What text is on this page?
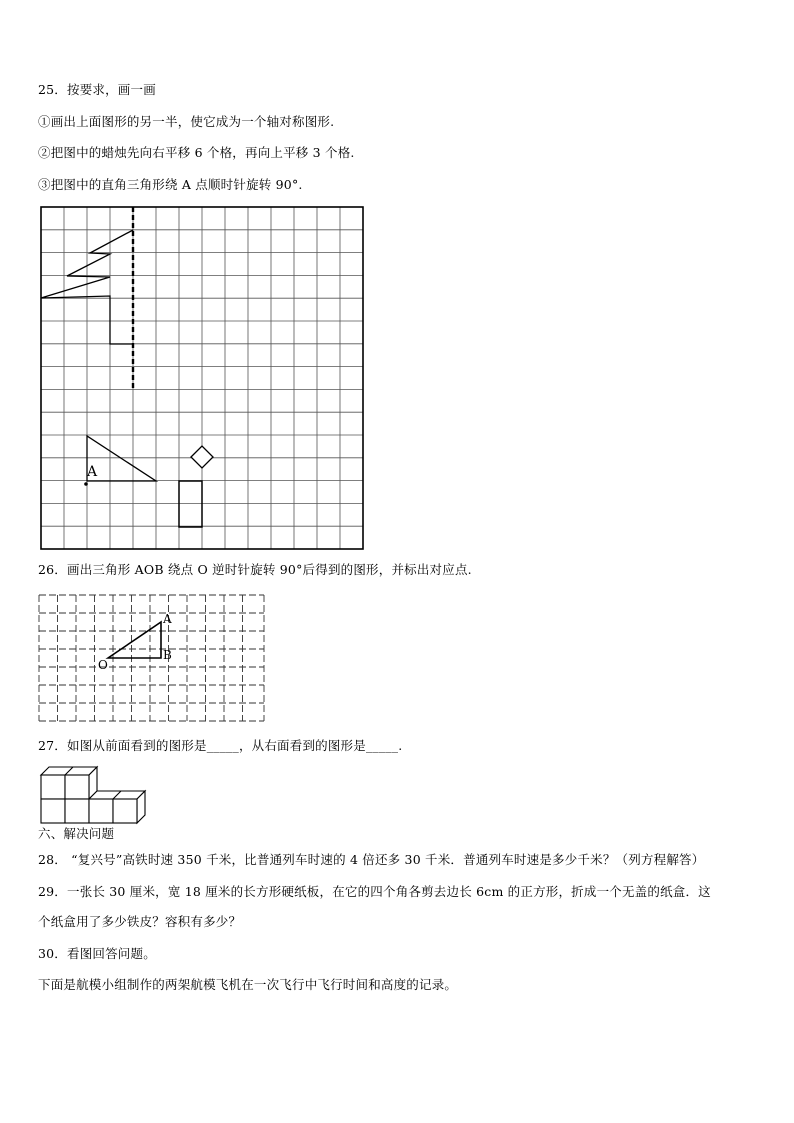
25．按要求，画一画
①画出上面图形的另一半，使它成为一个轴对称图形.
②把图中的蜡烛先向右平移 6 个格，再向上平移 3 个格.
③把图中的直角三角形绕 A 点顺时针旋转 90°.
A
26．画出三角形 AOB 绕点 O 逆时针旋转 90°后得到的图形，并标出对应点.
A
B
O
27．如图从前面看到的图形是_____，从右面看到的图形是_____.
六、解决问题
28． “复兴号”高铁时速 350 千米，比普通列车时速的 4 倍还多 30 千米．普通列车时速是多少千米？（列方程解答）
29．一张长 30 厘米，宽 18 厘米的长方形硬纸板，在它的四个角各剪去边长 6cm 的正方形，折成一个无盖的纸盒．这
个纸盒用了多少铁皮？容积有多少？
30．看图回答问题。
下面是航模小组制作的两架航模飞机在一次飞行中飞行时间和高度的记录。
